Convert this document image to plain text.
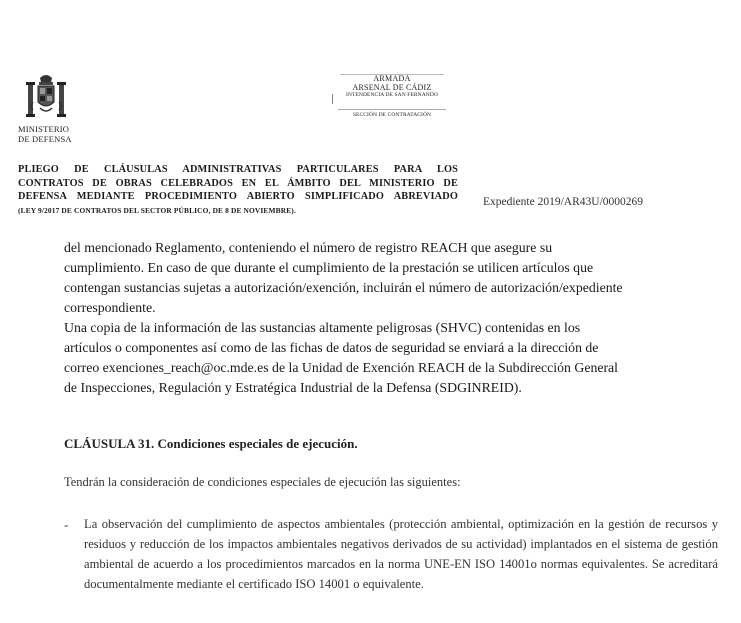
MINISTERIO
DE DEFENSA
ARMADA
ARSENAL DE CÁDIZ
INTENDENCIA DE SAN FERNANDO
SECCIÓN DE CONTRATACIÓN
PLIEGO DE CLÁUSULAS ADMINISTRATIVAS PARTICULARES PARA LOS
CONTRATOS DE OBRAS CELEBRADOS EN EL ÁMBITO DEL MINISTERIO DE
DEFENSA MEDIANTE PROCEDIMIENTO ABIERTO SIMPLIFICADO ABREVIADO
(LEY 9/2017 DE CONTRATOS DEL SECTOR PÚBLICO, DE 8 DE NOVIEMBRE).
Expediente 2019/AR43U/0000269
del mencionado Reglamento, conteniendo el número de registro REACH que asegure su
cumplimiento. En caso de que durante el cumplimiento de la prestación se utilicen artículos que
contengan sustancias sujetas a autorización/exención, incluirán el número de autorización/expediente
correspondiente.
Una copia de la información de las sustancias altamente peligrosas (SHVC) contenidas en los
artículos o componentes así como de las fichas de datos de seguridad se enviará a la dirección de
correo exenciones_reach@oc.mde.es de la Unidad de Exención REACH de la Subdirección General
de Inspecciones, Regulación y Estratégica Industrial de la Defensa (SDGINREID).
CLÁUSULA 31. Condiciones especiales de ejecución.
Tendrán la consideración de condiciones especiales de ejecución las siguientes:
- La observación del cumplimiento de aspectos ambientales (protección ambiental, optimización en la gestión de recursos y residuos y reducción de los impactos ambientales negativos derivados de su actividad) implantados en el sistema de gestión ambiental de acuerdo a los procedimientos marcados en la norma UNE-EN ISO 14001o normas equivalentes. Se acreditará documentalmente mediante el certificado ISO 14001 o equivalente.
